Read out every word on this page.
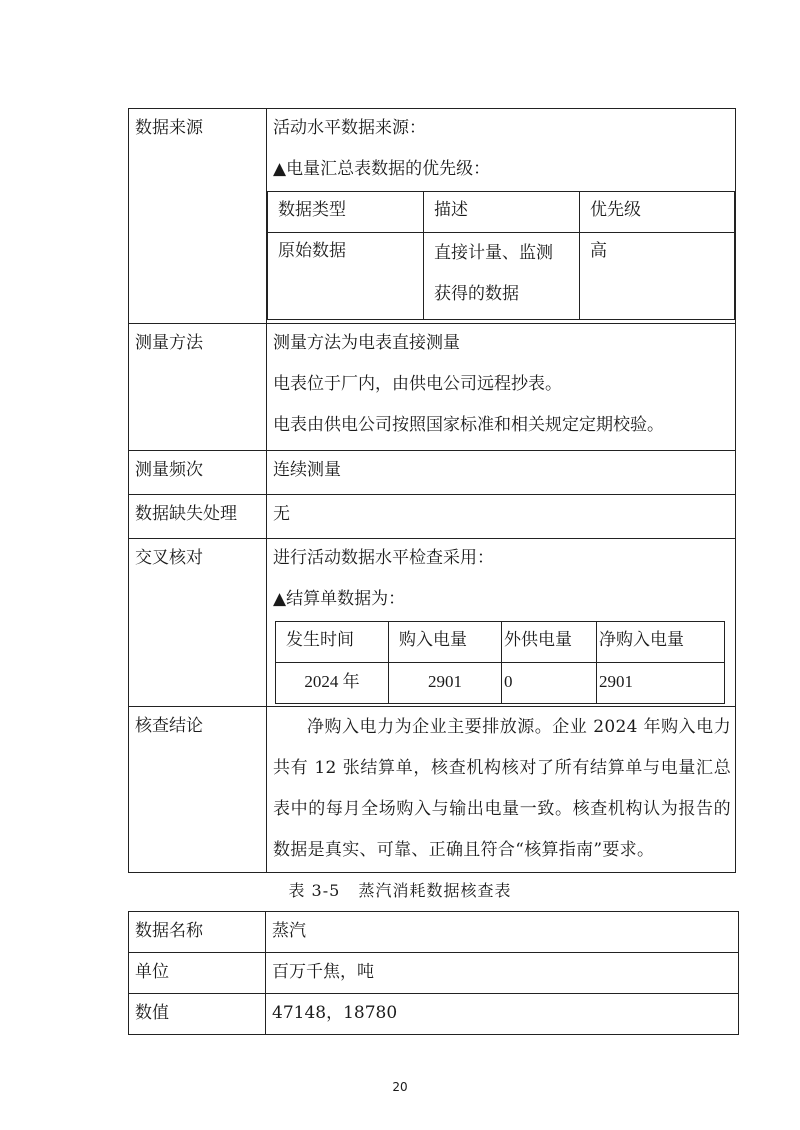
数据来源	活动水平数据来源：
▲电量汇总表数据的优先级：
数据类型	描述	优先级
原始数据	直接计量、监测获得的数据	高

测量方法	测量方法为电表直接测量
电表位于厂内，由供电公司远程抄表。
电表由供电公司按照国家标准和相关规定定期校验。

测量频次	连续测量

数据缺失处理	无

交叉核对	进行活动数据水平检查采用：
▲结算单数据为：
发生时间	购入电量	外供电量	净购入电量
2024 年	2901	0	2901

核查结论	净购入电力为企业主要排放源。企业 2024 年购入电力共有 12 张结算单，核查机构核对了所有结算单与电量汇总表中的每月全场购入与输出电量一致。核查机构认为报告的数据是真实、可靠、正确且符合“核算指南”要求。
表 3-5   蒸汽消耗数据核查表
数据名称	蒸汽
单位	百万千焦，吨
数值	47148，18780
20
